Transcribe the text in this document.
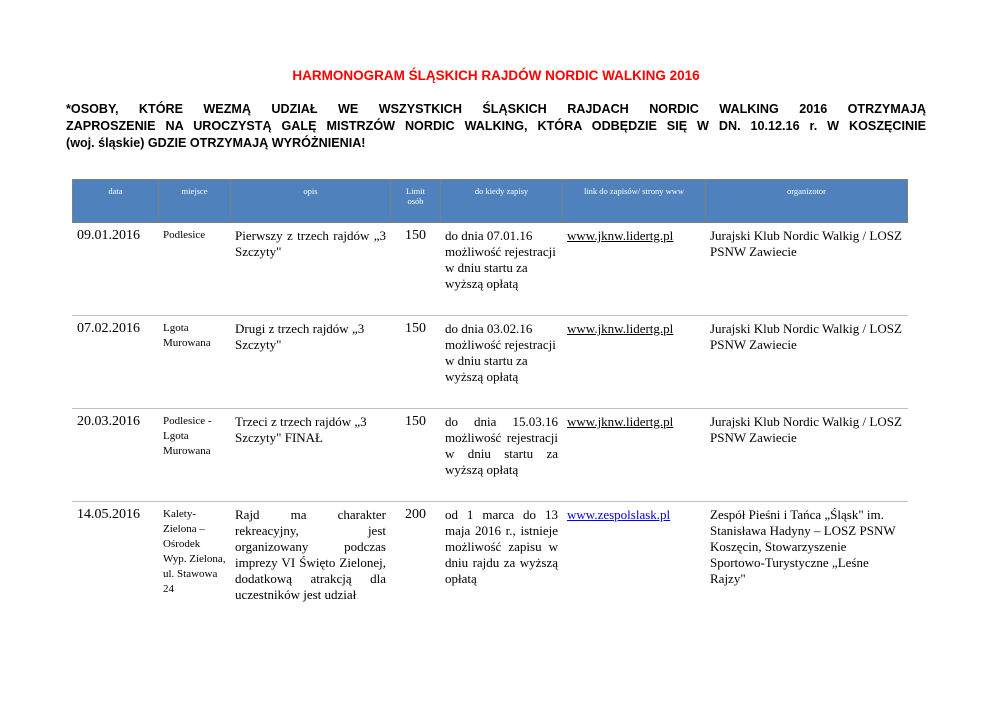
HARMONOGRAM ŚLĄSKICH RAJDÓW NORDIC WALKING 2016
*OSOBY, KTÓRE WEZMĄ UDZIAŁ WE WSZYSTKICH ŚLĄSKICH RAJDACH NORDIC WALKING 2016 OTRZYMAJĄ
ZAPROSZENIE NA UROCZYSTĄ GALĘ MISTRZÓW NORDIC WALKING, KTÓRA ODBĘDZIE SIĘ W DN. 10.12.16 r. W KOSZĘCINIE
(woj. śląskie) GDZIE OTRZYMAJĄ WYRÓŻNIENIA!
data	miejsce	opis	Limit osób	do kiedy zapisy	link do zapisów/ strony www	organizotor
09.01.2016	Podlesice	Pierwszy z trzech rajdów „3 Szczyty"	150	do dnia 07.01.16 możliwość rejestracji w dniu startu za wyższą opłatą	www.jknw.lidertg.pl	Jurajski Klub Nordic Walkig / LOSZ PSNW Zawiecie
07.02.2016	Lgota Murowana	Drugi z trzech rajdów „3 Szczyty"	150	do dnia 03.02.16 możliwość rejestracji w dniu startu za wyższą opłatą	www.jknw.lidertg.pl	Jurajski Klub Nordic Walkig / LOSZ PSNW Zawiecie
20.03.2016	Podlesice - Lgota Murowana	Trzeci z trzech rajdów „3 Szczyty" FINAŁ	150	do dnia 15.03.16 możliwość rejestracji w dniu startu za wyższą opłatą	www.jknw.lidertg.pl	Jurajski Klub Nordic Walkig / LOSZ PSNW Zawiecie
14.05.2016	Kalety-Zielona – Ośrodek Wyp. Zielona, ul. Stawowa 24	Rajd ma charakter rekreacyjny, jest organizowany podczas imprezy VI Święto Zielonej, dodatkową atrakcją dla uczestników jest udział	200	od 1 marca do 13 maja 2016 r., istnieje możliwość zapisu w dniu rajdu za wyższą opłatą	www.zespolslask.pl	Zespół Pieśni i Tańca „Śląsk" im. Stanisława Hadyny – LOSZ PSNW Koszęcin, Stowarzyszenie Sportowo-Turystyczne „Leśne Rajzy"
